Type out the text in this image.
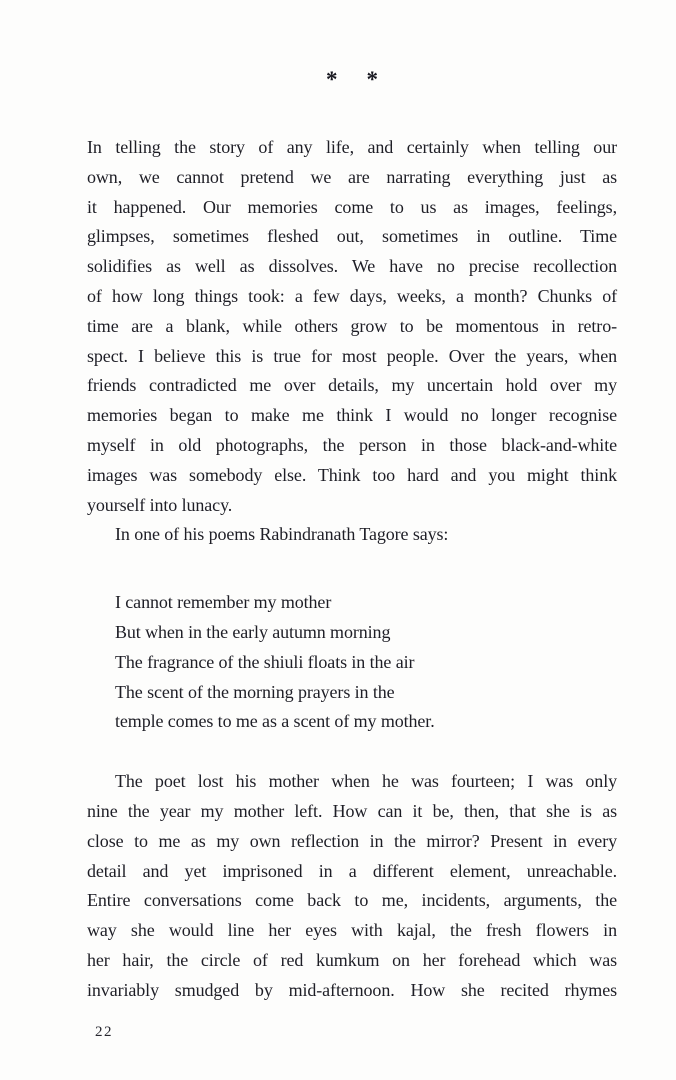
* *
In telling the story of any life, and certainly when telling our
own, we cannot pretend we are narrating everything just as
it happened. Our memories come to us as images, feelings,
glimpses, sometimes fleshed out, sometimes in outline. Time
solidifies as well as dissolves. We have no precise recollection
of how long things took: a few days, weeks, a month? Chunks of
time are a blank, while others grow to be momentous in retro-
spect. I believe this is true for most people. Over the years, when
friends contradicted me over details, my uncertain hold over my
memories began to make me think I would no longer recognise
myself in old photographs, the person in those black-and-white
images was somebody else. Think too hard and you might think
yourself into lunacy.
In one of his poems Rabindranath Tagore says:
I cannot remember my mother
But when in the early autumn morning
The fragrance of the shiuli floats in the air
The scent of the morning prayers in the
temple comes to me as a scent of my mother.
The poet lost his mother when he was fourteen; I was only
nine the year my mother left. How can it be, then, that she is as
close to me as my own reflection in the mirror? Present in every
detail and yet imprisoned in a different element, unreachable.
Entire conversations come back to me, incidents, arguments, the
way she would line her eyes with kajal, the fresh flowers in
her hair, the circle of red kumkum on her forehead which was
invariably smudged by mid-afternoon. How she recited rhymes
22
